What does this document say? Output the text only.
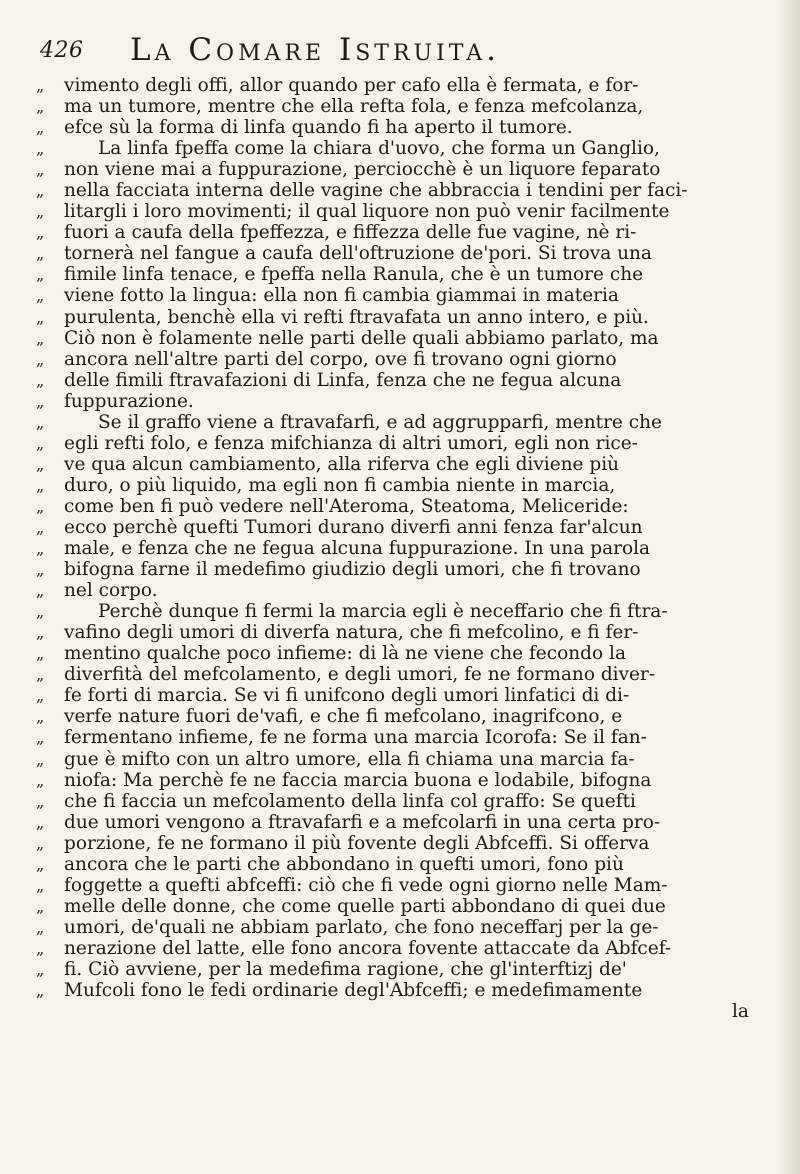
426 La Comare Istruita.
„	vimento degli offi, allor quando per cafo ella è fermata, e for-
„	ma un tumore, mentre che ella refta fola, e fenza mefcolanza,
„	efce sù la forma di linfa quando fi ha aperto il tumore.
„	La linfa fpeffa come la chiara d'uovo, che forma un Ganglio,
„	non viene mai a fuppurazione, perciocchè è un liquore feparato
„	nella facciata interna delle vagine che abbraccia i tendini per faci-
„	litargli i loro movimenti; il qual liquore non può venir facilmente
„	fuori a caufa della fpeffezza, e fiffezza delle fue vagine, nè ri-
„	tornerà nel fangue a caufa dell'oftruzione de'pori. Si trova una
„	fimile linfa tenace, e fpeffa nella Ranula, che è un tumore che
„	viene fotto la lingua: ella non fi cambia giammai in materia
„	purulenta, benchè ella vi refti ftravafata un anno intero, e più.
„	Ciò non è folamente nelle parti delle quali abbiamo parlato, ma
„	ancora nell'altre parti del corpo, ove fi trovano ogni giorno
„	delle fimili ftravafazioni di Linfa, fenza che ne fegua alcuna
„	fuppurazione.
„	Se il graffo viene a ftravafarfi, e ad aggrupparfi, mentre che
„	egli refti folo, e fenza mifchianza di altri umori, egli non rice-
„	ve qua alcun cambiamento, alla riferva che egli diviene più
„	duro, o più liquido, ma egli non fi cambia niente in marcia,
„	come ben fi può vedere nell'Ateroma, Steatoma, Meliceride:
„	ecco perchè quefti Tumori durano diverfi anni fenza far'alcun
„	male, e fenza che ne fegua alcuna fuppurazione. In una parola
„	bifogna farne il medefimo giudizio degli umori, che fi trovano
„	nel corpo.
„	Perchè dunque fi fermi la marcia egli è neceffario che fi ftra-
„	vafino degli umori di diverfa natura, che fi mefcolino, e fi fer-
„	mentino qualche poco infieme: di là ne viene che fecondo la
„	diverfità del mefcolamento, e degli umori, fe ne formano diver-
„	fe forti di marcia. Se vi fi unifcono degli umori linfatici di di-
„	verfe nature fuori de'vafi, e che fi mefcolano, inagrifcono, e
„	fermentano infieme, fe ne forma una marcia Icorofa: Se il fan-
„	gue è mifto con un altro umore, ella fi chiama una marcia fa-
„	niofa: Ma perchè fe ne faccia marcia buona e lodabile, bifogna
„	che fi faccia un mefcolamento della linfa col graffo: Se quefti
„	due umori vengono a ftravafarfi e a mefcolarfi in una certa pro-
„	porzione, fe ne formano il più fovente degli Abfceffi. Si offerva
„	ancora che le parti che abbondano in quefti umori, fono più
„	foggette a quefti abfceffi: ciò che fi vede ogni giorno nelle Mam-
„	melle delle donne, che come quelle parti abbondano di quei due
„	umori, de'quali ne abbiam parlato, che fono neceffarj per la ge-
„	nerazione del latte, elle fono ancora fovente attaccate da Abfcef-
„	fi. Ciò avviene, per la medefima ragione, che gl'interftizj de'
„	Mufcoli fono le fedi ordinarie degl'Abfceffi; e medefimamente
la
